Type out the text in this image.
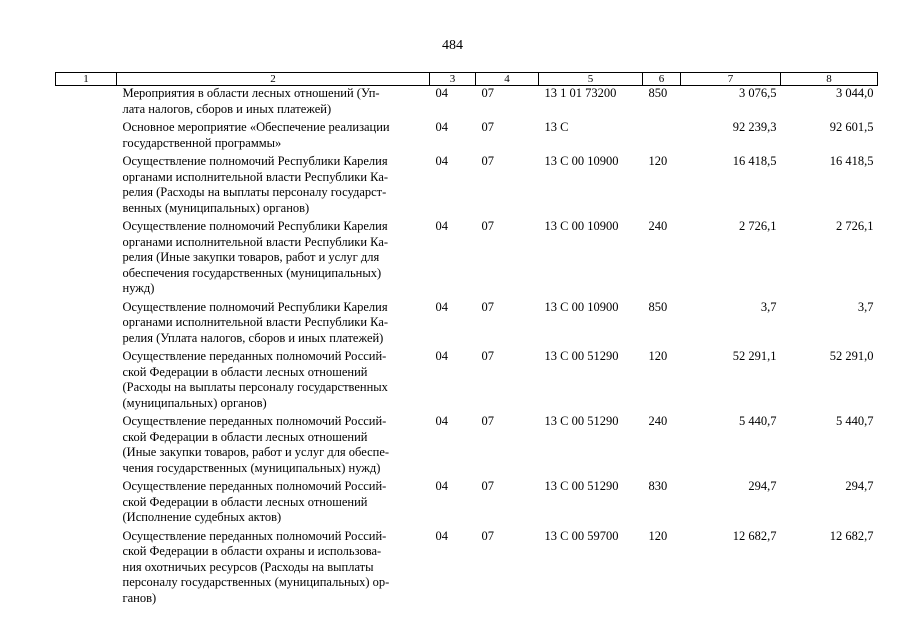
484
1	2	3	4	5	6	7	8

	Мероприятия в области лесных отношений (Уп-
лата налогов, сборов и иных платежей)	04	07	13 1 01 73200	850	3 076,5	3 044,0

	Основное мероприятие «Обеспечение реализации
государственной программы»	04	07	13 С		92 239,3	92 601,5

	Осуществление полномочий Республики Карелия
органами исполнительной власти Республики Ка-
релия (Расходы на выплаты персоналу государст-
венных (муниципальных) органов)	04	07	13 С 00 10900	120	16 418,5	16 418,5

	Осуществление полномочий Республики Карелия
органами исполнительной власти Республики Ка-
релия (Иные закупки товаров, работ и услуг для
обеспечения государственных (муниципальных)
нужд)	04	07	13 С 00 10900	240	2 726,1	2 726,1

	Осуществление полномочий Республики Карелия
органами исполнительной власти Республики Ка-
релия (Уплата налогов, сборов и иных платежей)	04	07	13 С 00 10900	850	3,7	3,7

	Осуществление переданных полномочий Россий-
ской Федерации в области лесных отношений
(Расходы на выплаты персоналу государственных
(муниципальных) органов)	04	07	13 С 00 51290	120	52 291,1	52 291,0

	Осуществление переданных полномочий Россий-
ской Федерации в области лесных отношений
(Иные закупки товаров, работ и услуг для обеспе-
чения государственных (муниципальных) нужд)	04	07	13 С 00 51290	240	5 440,7	5 440,7

	Осуществление переданных полномочий Россий-
ской Федерации в области лесных отношений
(Исполнение судебных актов)	04	07	13 С 00 51290	830	294,7	294,7

	Осуществление переданных полномочий Россий-
ской Федерации в области охраны и использова-
ния охотничьих ресурсов (Расходы на выплаты
персоналу государственных (муниципальных) ор-
ганов)	04	07	13 С 00 59700	120	12 682,7	12 682,7
